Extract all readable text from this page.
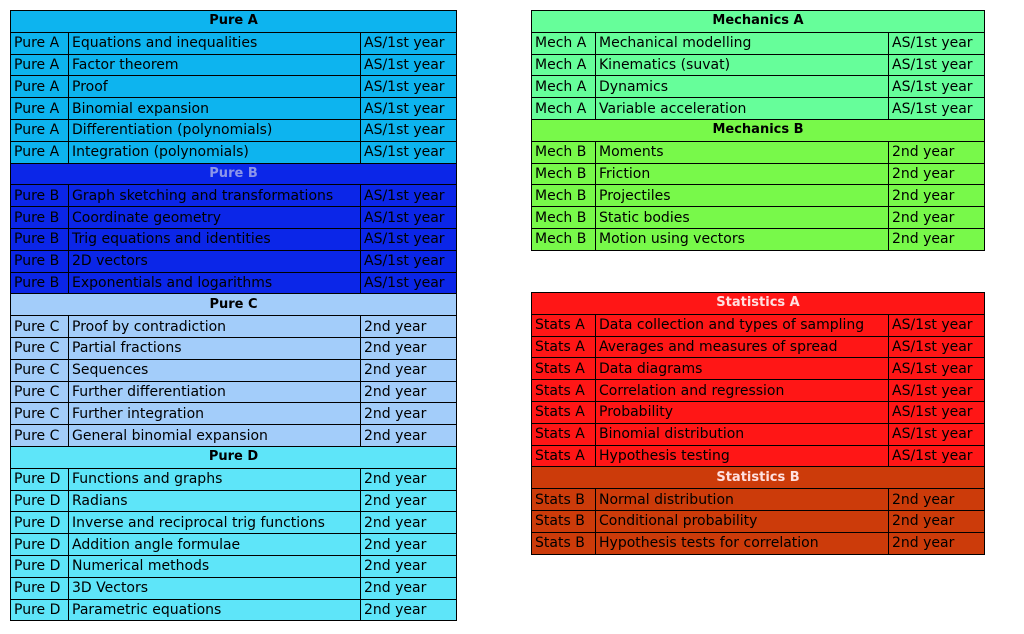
Pure A		
Pure A	Equations and inequalities	AS/1st year
Pure A	Factor theorem	AS/1st year
Pure A	Proof	AS/1st year
Pure A	Binomial expansion	AS/1st year
Pure A	Differentiation (polynomials)	AS/1st year
Pure A	Integration (polynomials)	AS/1st year
Pure B		
Pure B	Graph sketching and transformations	AS/1st year
Pure B	Coordinate geometry	AS/1st year
Pure B	Trig equations and identities	AS/1st year
Pure B	2D vectors	AS/1st year
Pure B	Exponentials and logarithms	AS/1st year
Pure C		
Pure C	Proof by contradiction	2nd year
Pure C	Partial fractions	2nd year
Pure C	Sequences	2nd year
Pure C	Further differentiation	2nd year
Pure C	Further integration	2nd year
Pure C	General binomial expansion	2nd year
Pure D		
Pure D	Functions and graphs	2nd year
Pure D	Radians	2nd year
Pure D	Inverse and reciprocal trig functions	2nd year
Pure D	Addition angle formulae	2nd year
Pure D	Numerical methods	2nd year
Pure D	3D Vectors	2nd year
Pure D	Parametric equations	2nd year
Mechanics A		
Mech A	Mechanical modelling	AS/1st year
Mech A	Kinematics (suvat)	AS/1st year
Mech A	Dynamics	AS/1st year
Mech A	Variable acceleration	AS/1st year
Mechanics B		
Mech B	Moments	2nd year
Mech B	Friction	2nd year
Mech B	Projectiles	2nd year
Mech B	Static bodies	2nd year
Mech B	Motion using vectors	2nd year
Statistics A		
Stats A	Data collection and types of sampling	AS/1st year
Stats A	Averages and measures of spread	AS/1st year
Stats A	Data diagrams	AS/1st year
Stats A	Correlation and regression	AS/1st year
Stats A	Probability	AS/1st year
Stats A	Binomial distribution	AS/1st year
Stats A	Hypothesis testing	AS/1st year
Statistics B		
Stats B	Normal distribution	2nd year
Stats B	Conditional probability	2nd year
Stats B	Hypothesis tests for correlation	2nd year
